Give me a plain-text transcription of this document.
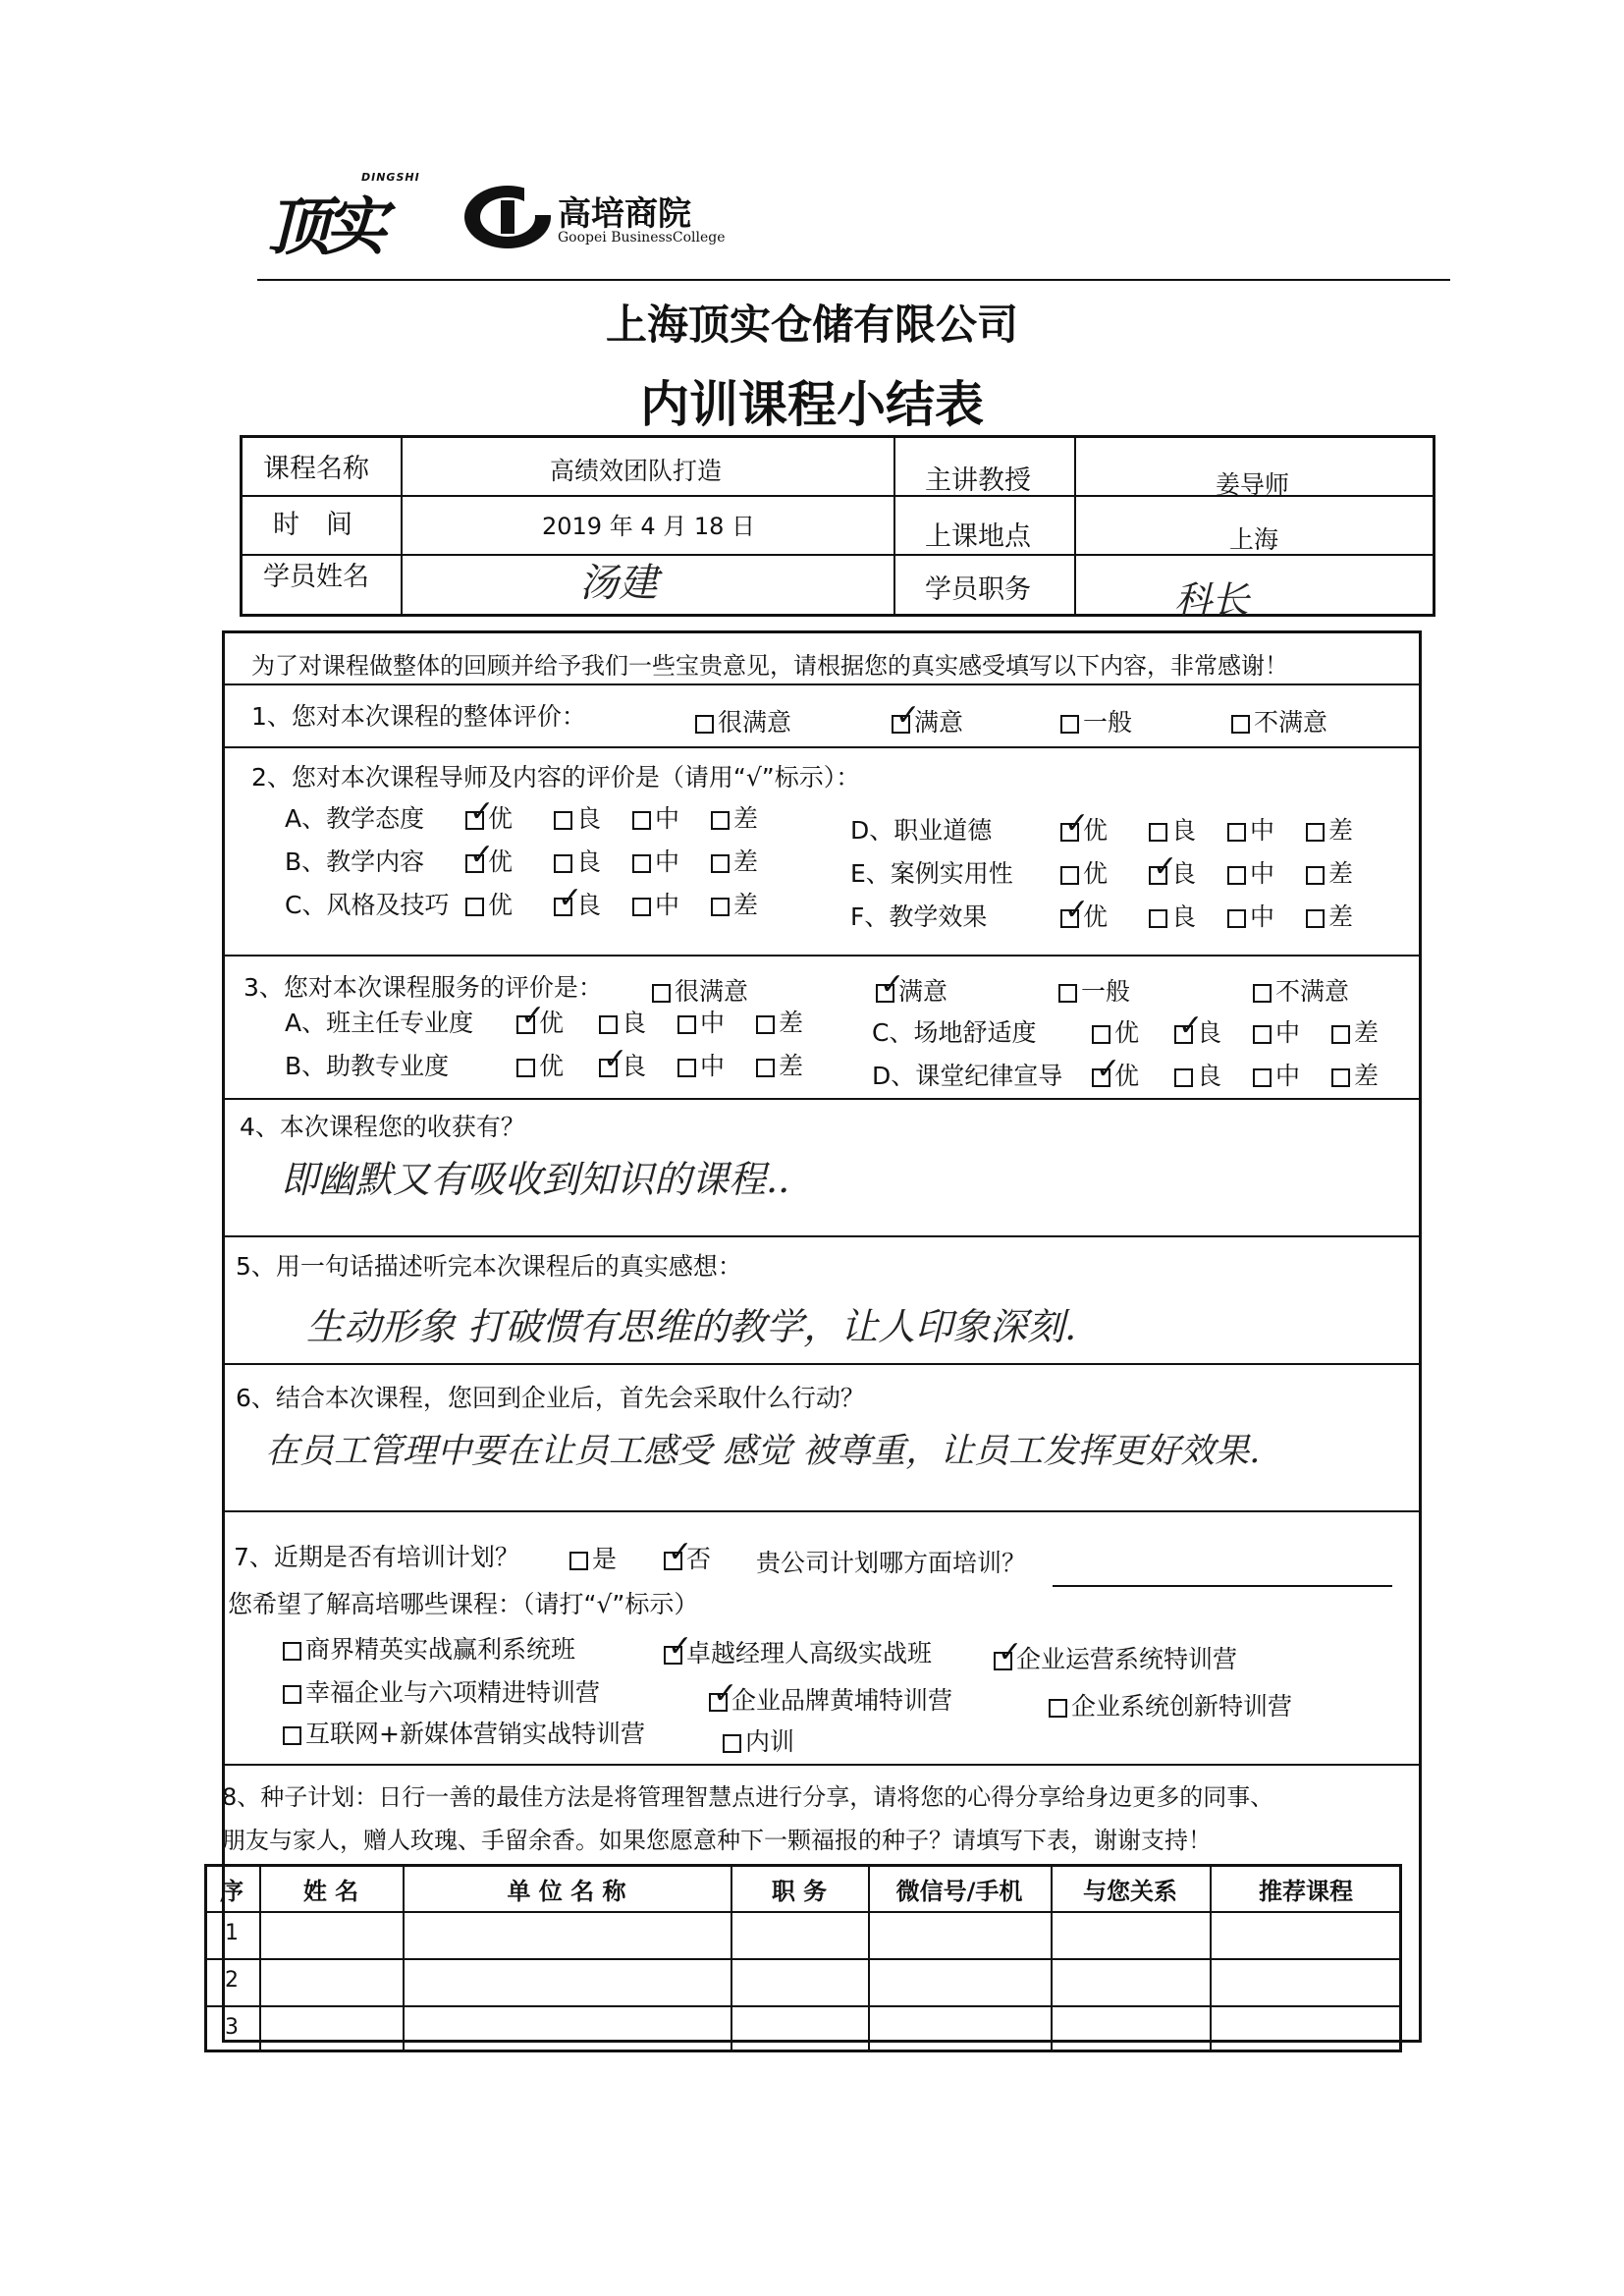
DINGSHI
顶实	高培商院
Goopei BusinessCollege
上海顶实仓储有限公司
内训课程小结表
课程名称	高绩效团队打造	主讲教授	姜导师
时　间	2019 年 4 月 18 日	上课地点	上海
学员姓名	汤建	学员职务	科长
为了对课程做整体的回顾并给予我们一些宝贵意见，请根据您的真实感受填写以下内容，非常感谢！
1、您对本次课程的整体评价：	很满意 ✓	满意	一般	不满意
2、您对本次课程导师及内容的评价是（请用“√”标示）：
A、教学态度 ✓	优	良	中	差
B、教学内容 ✓	优	良	中	差
C、风格及技巧	优 ✓	良	中	差
D、职业道德 ✓	优	良	中	差
E、案例实用性	优 ✓	良	中	差
F、教学效果 ✓	优	良	中	差
3、您对本次课程服务的评价是：	很满意 ✓	满意	一般	不满意
A、班主任专业度 ✓	优	良	中	差
B、助教专业度	优 ✓	良	中	差
C、场地舒适度	优 ✓	良	中	差
D、课堂纪律宣导 ✓	优	良	中	差
4、本次课程您的收获有？
即幽默又有吸收到知识的课程..
5、用一句话描述听完本次课程后的真实感想：
生动形象 打破惯有思维的教学，让人印象深刻.
6、结合本次课程，您回到企业后，首先会采取什么行动？
在员工管理中要在让员工感受 感觉 被尊重，让员工发挥更好效果.
7、近期是否有培训计划？	是 ✓	否 贵公司计划哪方面培训？
您希望了解高培哪些课程：（请打“√”标示）
商界精英实战赢利系统班 ✓	卓越经理人高级实战班 ✓	企业运营系统特训营
幸福企业与六项精进特训营 ✓	企业品牌黄埔特训营	企业系统创新特训营
互联网+新媒体营销实战特训营	内训
8、种子计划：日行一善的最佳方法是将管理智慧点进行分享，请将您的心得分享给身边更多的同事、
朋友与家人，赠人玫瑰、手留余香。如果您愿意种下一颗福报的种子？请填写下表，谢谢支持！
序	姓 名	单 位 名 称	职 务	微信号/手机	与您关系	推荐课程
1
2
3
